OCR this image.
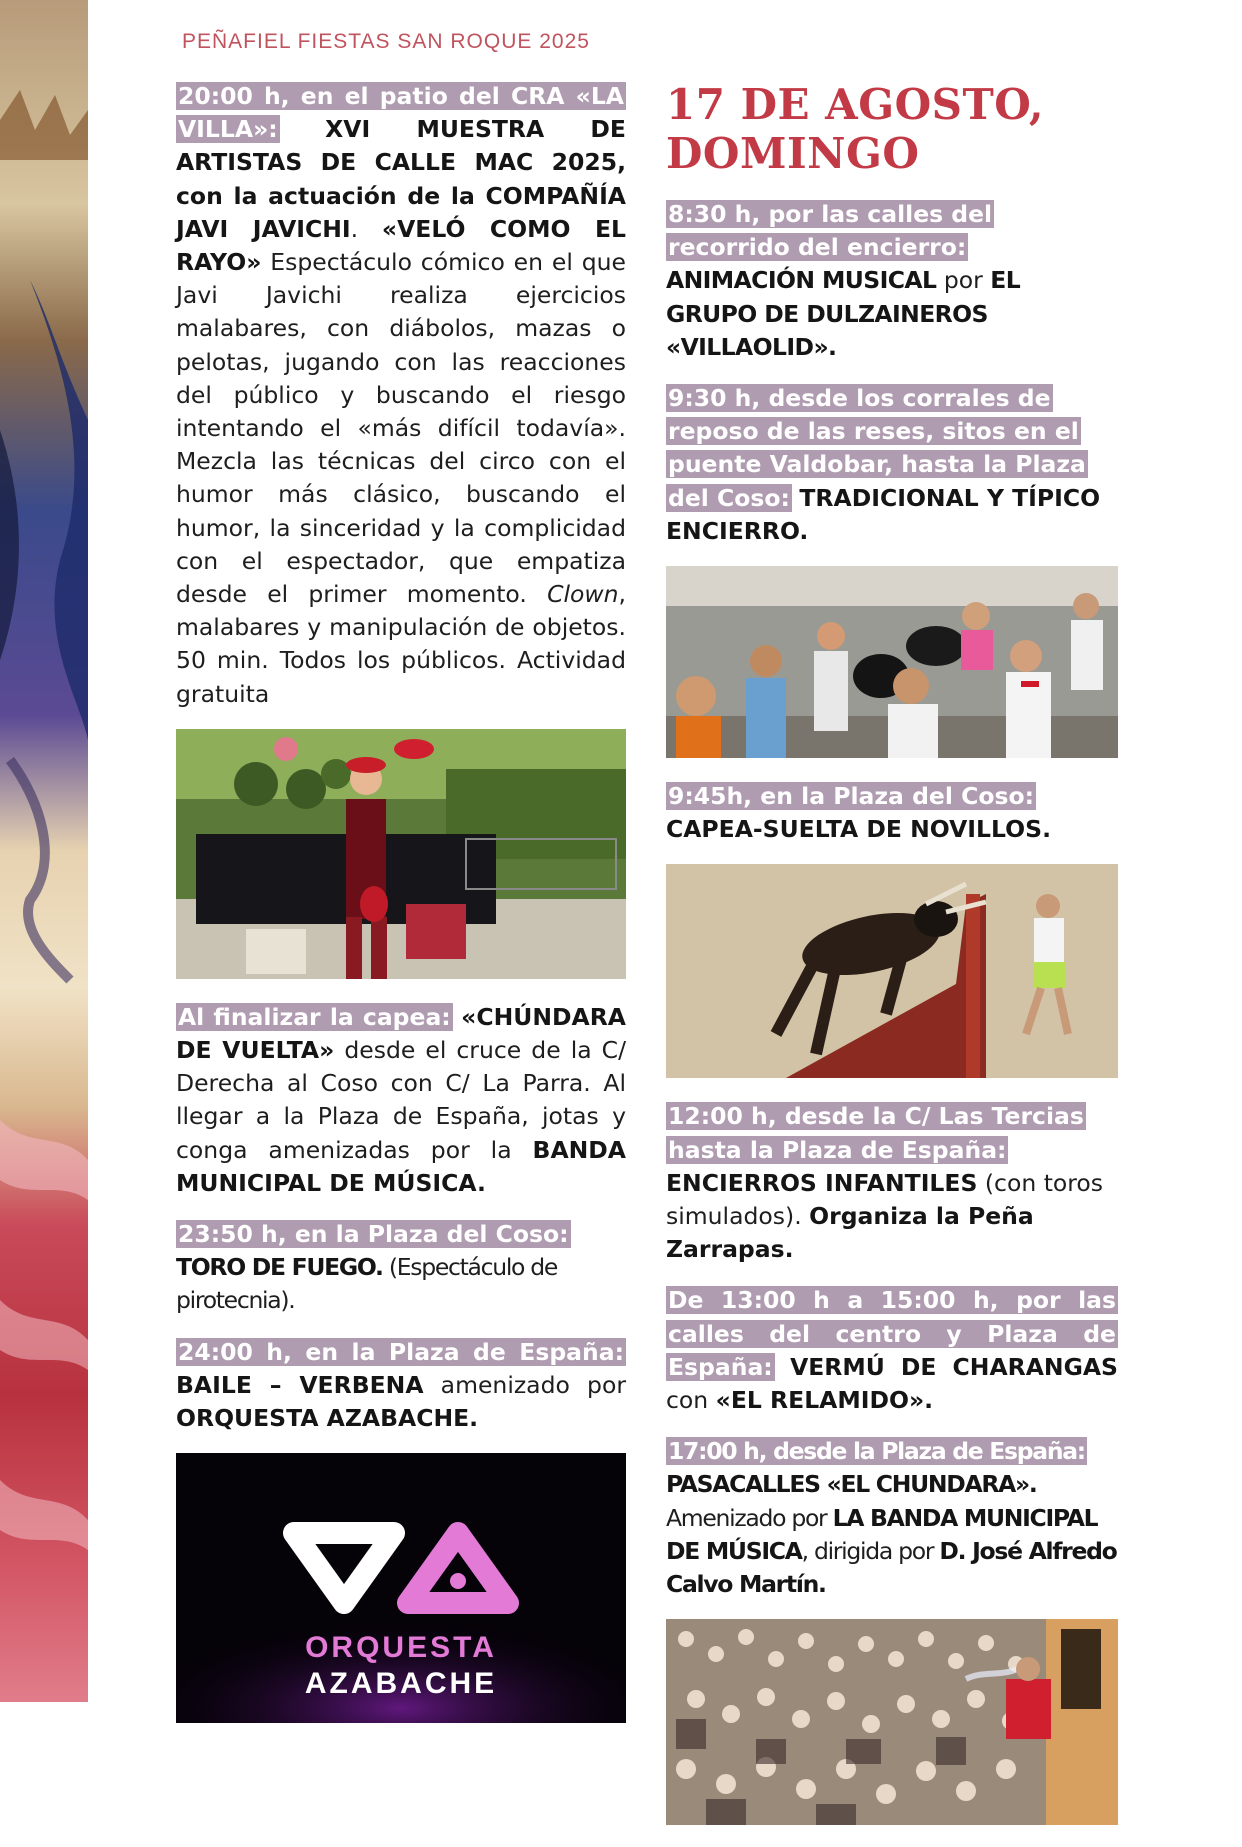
PEÑAFIEL FIESTAS SAN ROQUE 2025
20:00 h, en el patio del CRA «LA VILLA»: XVI MUESTRA DE ARTISTAS DE CALLE MAC 2025, con la actuación de la COMPAÑÍA JAVI JAVICHI. «VELÓ COMO EL RAYO» Espectáculo cómico en el que Javi Javichi realiza ejercicios malabares, con diábolos, mazas o pelotas, jugando con las reacciones del público y buscando el riesgo intentando el «más difícil todavía». Mezcla las técnicas del circo con el humor más clásico, buscando el humor, la sinceridad y la complicidad con el espectador, que empatiza desde el primer momento. Clown, malabares y manipulación de objetos. 50 min. Todos los públicos. Actividad gratuita
Al finalizar la capea: «CHÚNDARA DE VUELTA» desde el cruce de la C/ Derecha al Coso con C/ La Parra. Al llegar a la Plaza de España, jotas y conga amenizadas por la BANDA MUNICIPAL DE MÚSICA.
23:50 h, en la Plaza del Coso: TORO DE FUEGO. (Espectáculo de pirotecnia).
24:00 h, en la Plaza de España: BAILE – VERBENA amenizado por ORQUESTA AZABACHE.
ORQUESTA
AZABACHE
17 DE AGOSTO,
DOMINGO
8:30 h, por las calles del recorrido del encierro: ANIMACIÓN MUSICAL por EL GRUPO DE DULZAINEROS «VILLAOLID».
9:30 h, desde los corrales de reposo de las reses, sitos en el puente Valdobar, hasta la Plaza del Coso: TRADICIONAL Y TÍPICO ENCIERRO.
9:45h, en la Plaza del Coso: CAPEA-SUELTA DE NOVILLOS.
12:00 h, desde la C/ Las Tercias hasta la Plaza de España: ENCIERROS INFANTILES (con toros simulados). Organiza la Peña Zarrapas.
De 13:00 h a 15:00 h, por las calles del centro y Plaza de España: VERMÚ DE CHARANGAS con «EL RELAMIDO».
17:00 h, desde la Plaza de España: PASACALLES «EL CHUNDARA». Amenizado por LA BANDA MUNICIPAL DE MÚSICA, dirigida por D. José Alfredo Calvo Martín.
